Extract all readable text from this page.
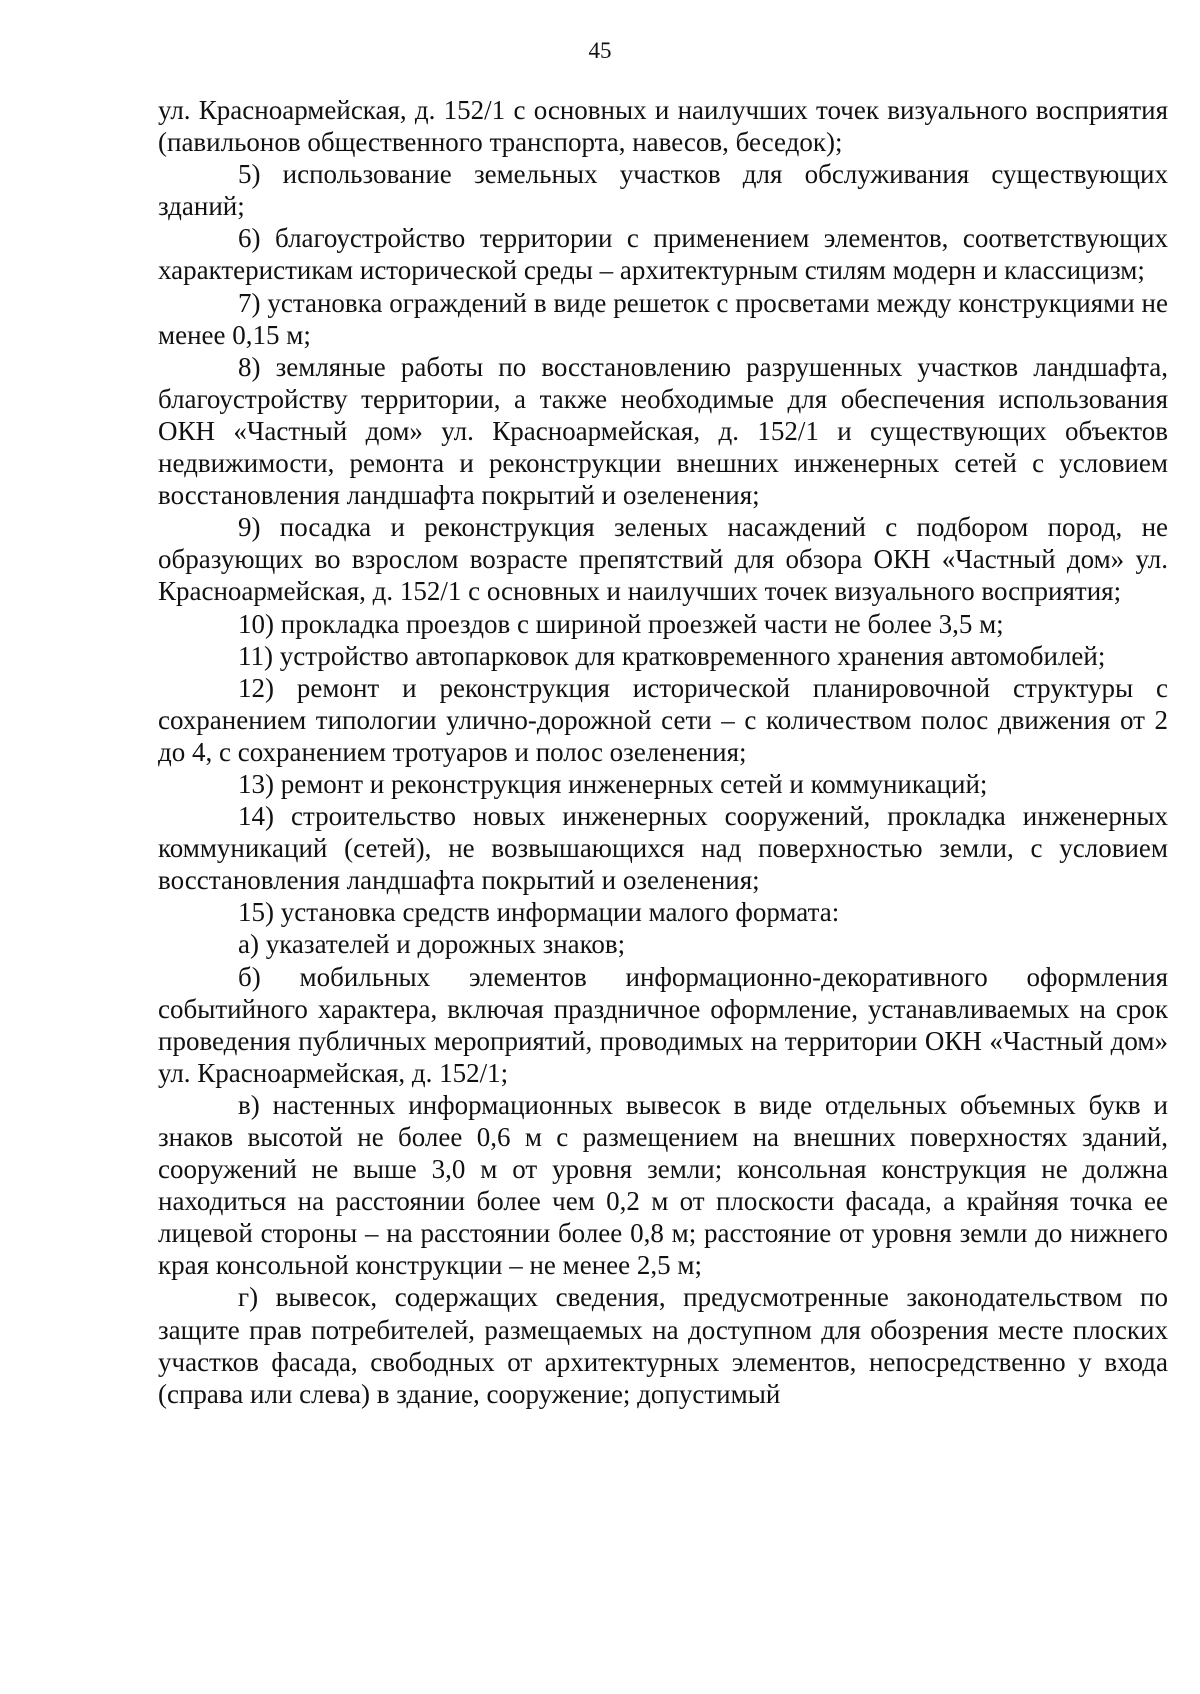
45

ул. Красноармейская, д. 152/1 с основных и наилучших точек визуального восприятия (павильонов общественного транспорта, навесов, беседок);

5) использование земельных участков для обслуживания существующих зданий;

6) благоустройство территории с применением элементов, соответствующих характеристикам исторической среды – архитектурным стилям модерн и классицизм;

7) установка ограждений в виде решеток с просветами между конструкциями не менее 0,15 м;

8) земляные работы по восстановлению разрушенных участков ландшафта, благоустройству территории, а также необходимые для обеспечения использования ОКН «Частный дом» ул. Красноармейская, д. 152/1 и существующих объектов недвижимости, ремонта и реконструкции внешних инженерных сетей с условием восстановления ландшафта покрытий и озеленения;

9) посадка и реконструкция зеленых насаждений с подбором пород, не образующих во взрослом возрасте препятствий для обзора ОКН «Частный дом» ул. Красноармейская, д. 152/1 с основных и наилучших точек визуального восприятия;

10) прокладка проездов с шириной проезжей части не более 3,5 м;

11) устройство автопарковок для кратковременного хранения автомобилей;

12) ремонт и реконструкция исторической планировочной структуры с сохранением типологии улично-дорожной сети – с количеством полос движения от 2 до 4, с сохранением тротуаров и полос озеленения;

13) ремонт и реконструкция инженерных сетей и коммуникаций;

14) строительство новых инженерных сооружений, прокладка инженерных коммуникаций (сетей), не возвышающихся над поверхностью земли, с условием восстановления ландшафта покрытий и озеленения;

15) установка средств информации малого формата:

а) указателей и дорожных знаков;

б) мобильных элементов информационно-декоративного оформления событийного характера, включая праздничное оформление, устанавливаемых на срок проведения публичных мероприятий, проводимых на территории ОКН «Частный дом» ул. Красноармейская, д. 152/1;

в) настенных информационных вывесок в виде отдельных объемных букв и знаков высотой не более 0,6 м с размещением на внешних поверхностях зданий, сооружений не выше 3,0 м от уровня земли; консольная конструкция не должна находиться на расстоянии более чем 0,2 м от плоскости фасада, а крайняя точка ее лицевой стороны – на расстоянии более 0,8 м; расстояние от уровня земли до нижнего края консольной конструкции – не менее 2,5 м;

г) вывесок, содержащих сведения, предусмотренные законодательством по защите прав потребителей, размещаемых на доступном для обозрения месте плоских участков фасада, свободных от архитектурных элементов, непосредственно у входа (справа или слева) в здание, сооружение; допустимый
